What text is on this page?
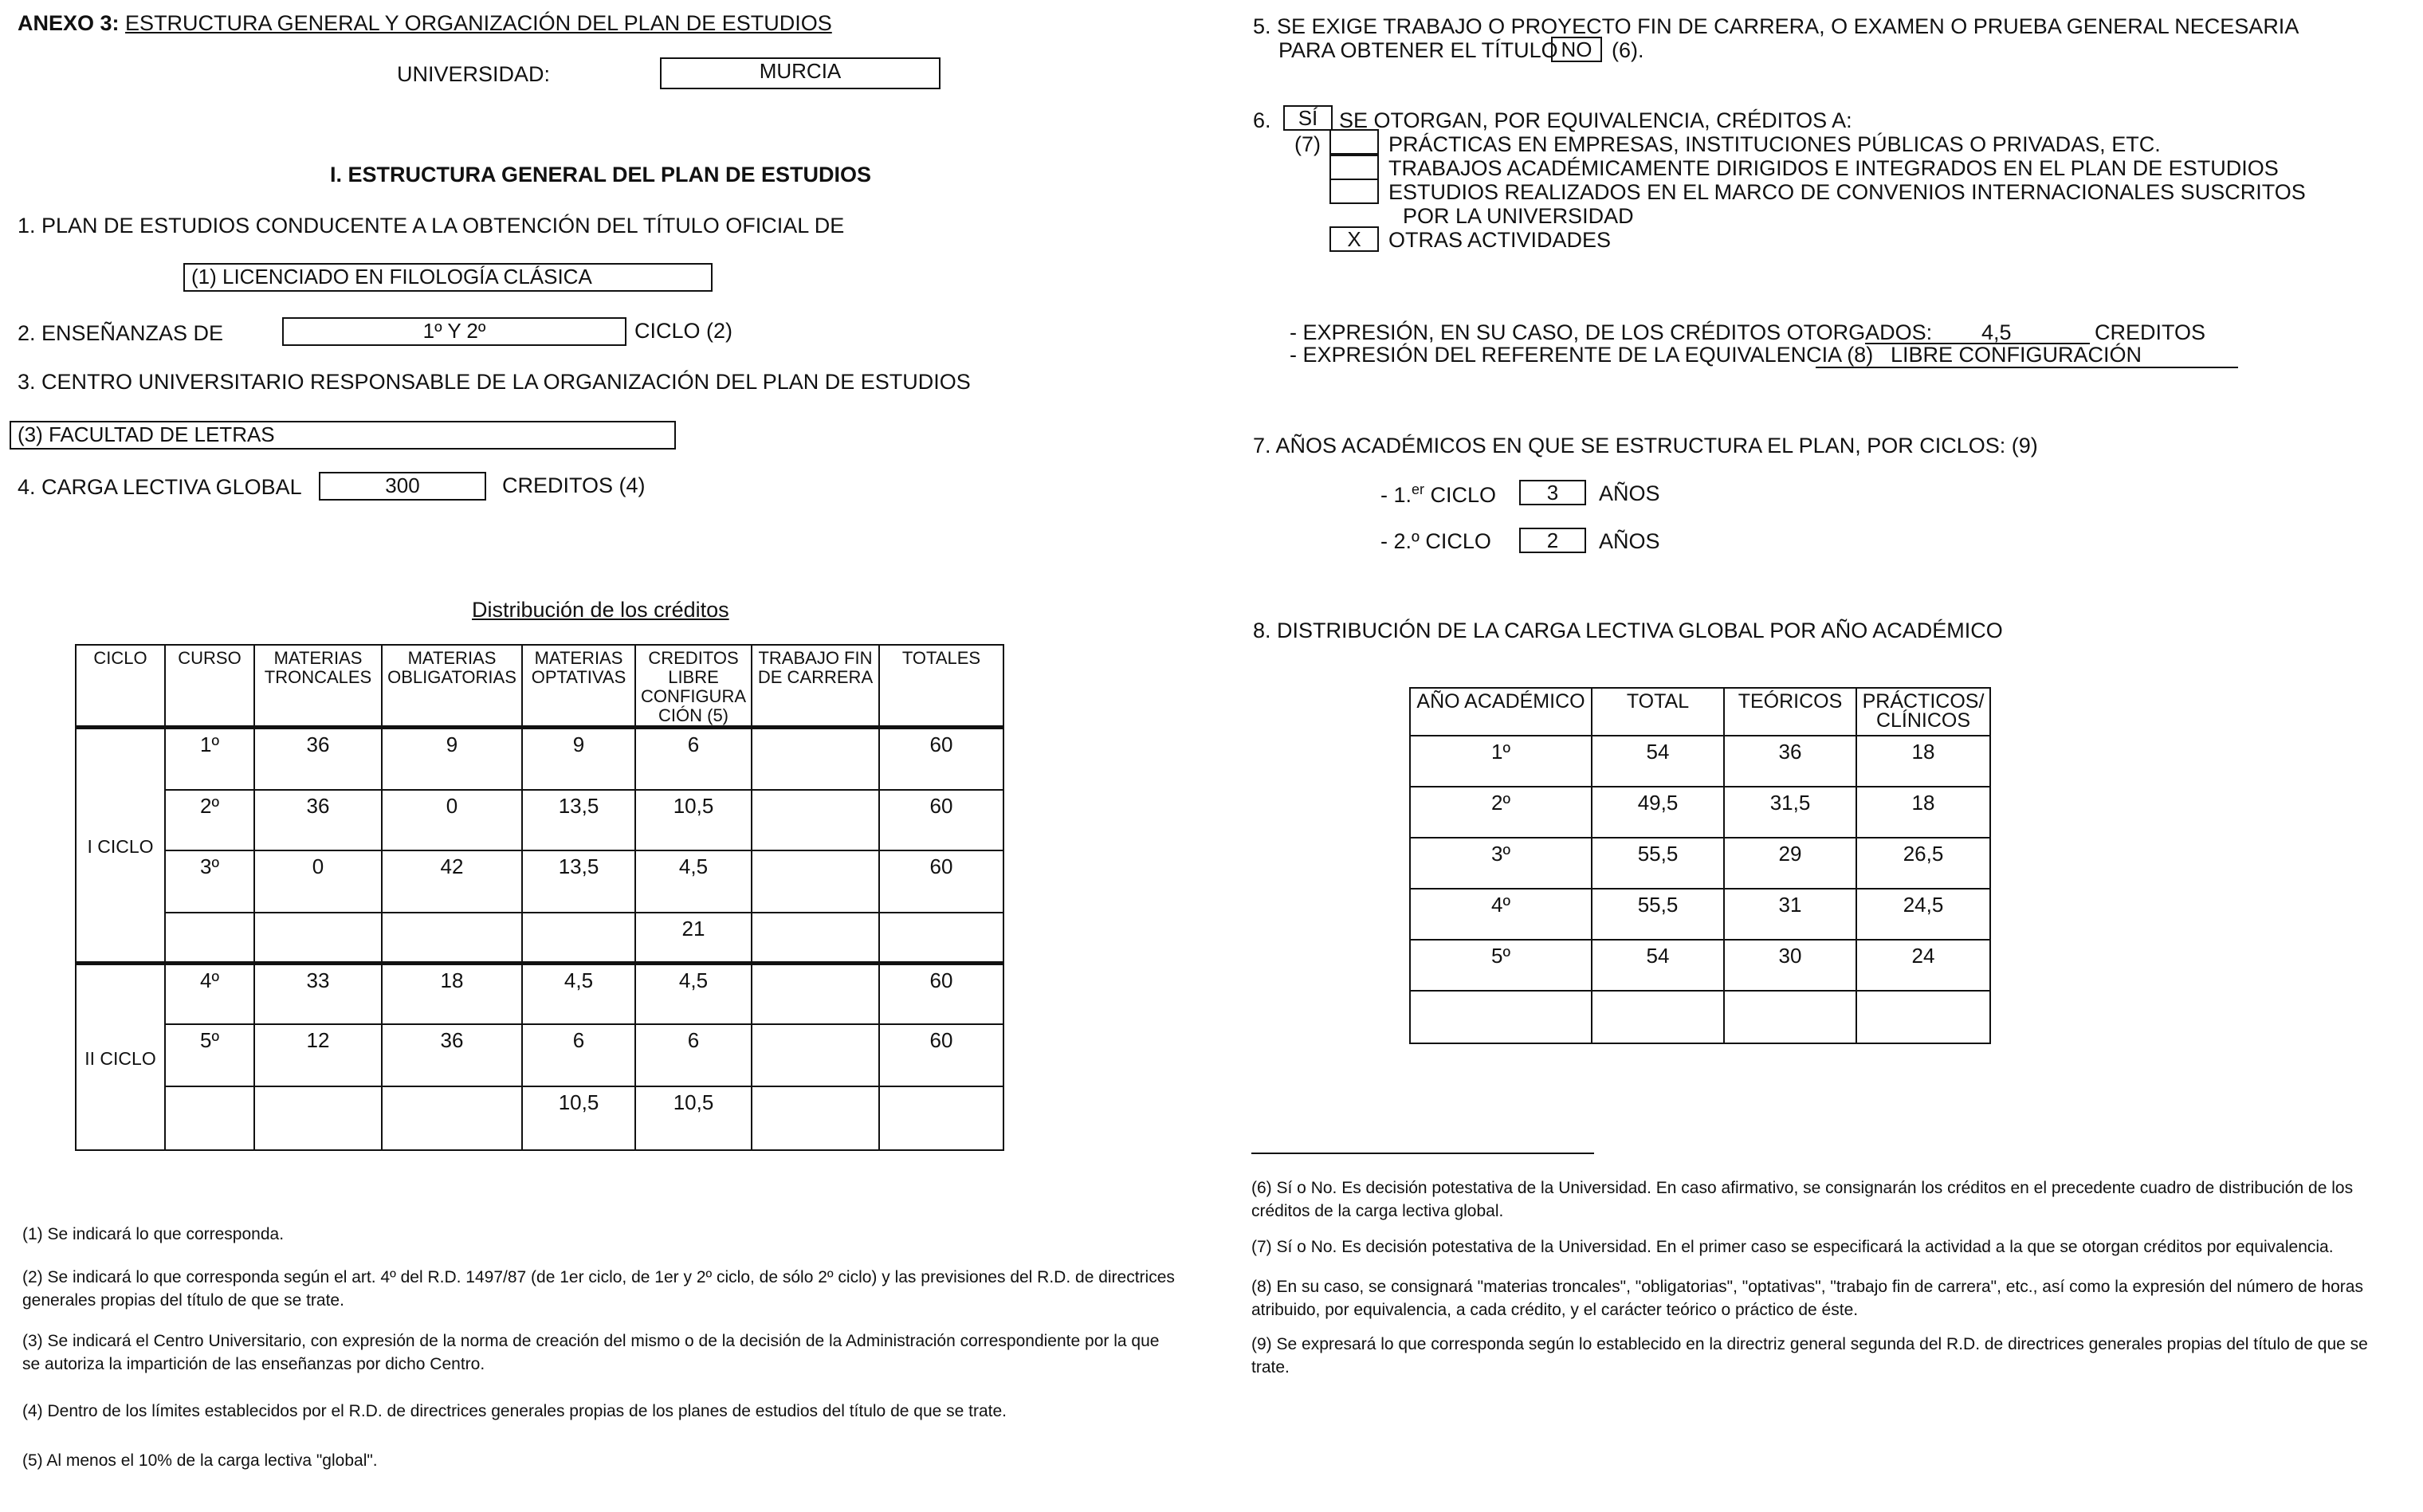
ANEXO 3: ESTRUCTURA GENERAL Y ORGANIZACIÓN DEL PLAN DE ESTUDIOS
UNIVERSIDAD:	MURCIA
I. ESTRUCTURA GENERAL DEL PLAN DE ESTUDIOS
1. PLAN DE ESTUDIOS CONDUCENTE A LA OBTENCIÓN DEL TÍTULO OFICIAL DE
(1) LICENCIADO EN FILOLOGÍA CLÁSICA
2. ENSEÑANZAS DE	1º Y 2º	CICLO (2)
3. CENTRO UNIVERSITARIO RESPONSABLE DE LA ORGANIZACIÓN DEL PLAN DE ESTUDIOS
(3) FACULTAD DE LETRAS
4. CARGA LECTIVA GLOBAL	300	CREDITOS (4)
Distribución de los créditos
CICLO	CURSO	MATERIAS TRONCALES	MATERIAS OBLIGATORIAS	MATERIAS OPTATIVAS	CREDITOS LIBRE CONFIGURA CIÓN (5)	TRABAJO FIN DE CARRERA	TOTALES
I CICLO	1º	36	9	9	6		60
	2º	36	0	13,5	10,5		60
	3º	0	42	13,5	4,5		60
					21		
II CICLO	4º	33	18	4,5	4,5		60
	5º	12	36	6	6		60
				10,5	10,5		
(1) Se indicará lo que corresponda.
(2) Se indicará lo que corresponda según el art. 4º del R.D. 1497/87 (de 1er ciclo, de 1er y 2º ciclo, de sólo 2º ciclo) y las previsiones del R.D. de directrices generales propias del título de que se trate.
(3) Se indicará el Centro Universitario, con expresión de la norma de creación del mismo o de la decisión de la Administración correspondiente por la que se autoriza la impartición de las enseñanzas por dicho Centro.
(4) Dentro de los límites establecidos por el R.D. de directrices generales propias de los planes de estudios del título de que se trate.
(5) Al menos el 10% de la carga lectiva "global".
5. SE EXIGE TRABAJO O PROYECTO FIN DE CARRERA, O EXAMEN O PRUEBA GENERAL NECESARIA
PARA OBTENER EL TÍTULO NO (6).
6.	SÍ SE OTORGAN, POR EQUIVALENCIA, CRÉDITOS A:
(7)	PRÁCTICAS EN EMPRESAS, INSTITUCIONES PÚBLICAS O PRIVADAS, ETC.
TRABAJOS ACADÉMICAMENTE DIRIGIDOS E INTEGRADOS EN EL PLAN DE ESTUDIOS
ESTUDIOS REALIZADOS EN EL MARCO DE CONVENIOS INTERNACIONALES SUSCRITOS
POR LA UNIVERSIDAD
X	OTRAS ACTIVIDADES
- EXPRESIÓN, EN SU CASO, DE LOS CRÉDITOS OTORGADOS: 4,5	CREDITOS
- EXPRESIÓN DEL REFERENTE DE LA EQUIVALENCIA (8) LIBRE CONFIGURACIÓN
7. AÑOS ACADÉMICOS EN QUE SE ESTRUCTURA EL PLAN, POR CICLOS: (9)
- 1.$^{er}$ CICLO	3	AÑOS
- 2.º CICLO	2	AÑOS
8. DISTRIBUCIÓN DE LA CARGA LECTIVA GLOBAL POR AÑO ACADÉMICO
AÑO ACADÉMICO	TOTAL	TEÓRICOS	PRÁCTICOS/ CLÍNICOS
1º	54	36	18
2º	49,5	31,5	18
3º	55,5	29	26,5
4º	55,5	31	24,5
5º	54	30	24

(6) Sí o No. Es decisión potestativa de la Universidad. En caso afirmativo, se consignarán los créditos en el precedente cuadro de distribución de los créditos de la carga lectiva global.
(7) Sí o No. Es decisión potestativa de la Universidad. En el primer caso se especificará la actividad a la que se otorgan créditos por equivalencia.
(8) En su caso, se consignará "materias troncales", "obligatorias", "optativas", "trabajo fin de carrera", etc., así como la expresión del número de horas atribuido, por equivalencia, a cada crédito, y el carácter teórico o práctico de éste.
(9) Se expresará lo que corresponda según lo establecido en la directriz general segunda del R.D. de directrices generales propias del título de que se trate.
